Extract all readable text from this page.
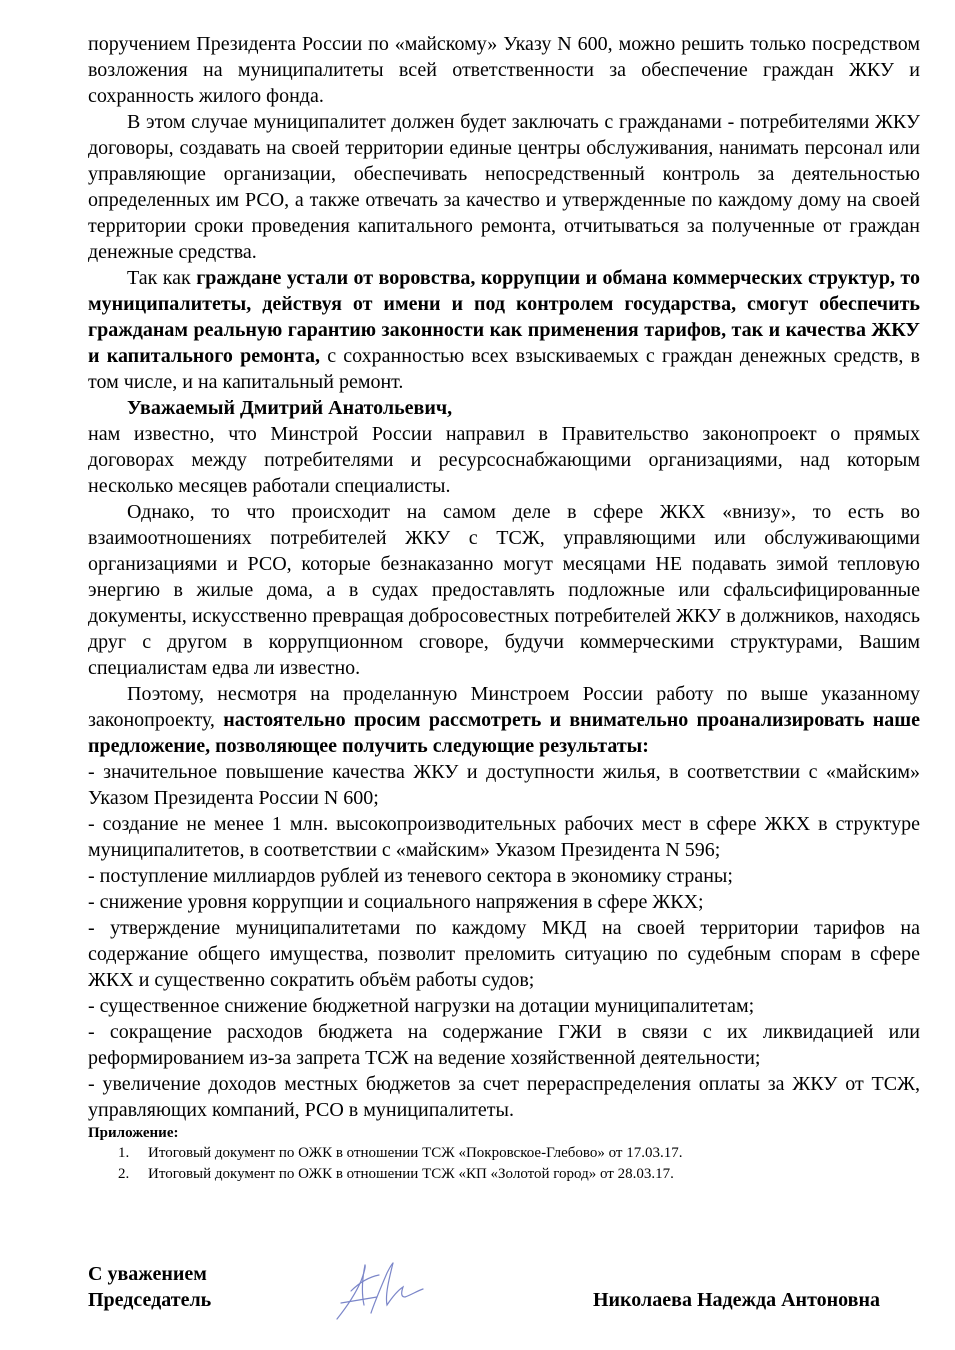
поручением Президента России по «майскому» Указу N 600, можно решить только посредством возложения на муниципалитеты всей ответственности за обеспечение граждан ЖКУ и сохранность жилого фонда.

В этом случае муниципалитет должен будет заключать с гражданами - потребителями ЖКУ договоры, создавать на своей территории единые центры обслуживания, нанимать персонал или управляющие организации, обеспечивать непосредственный контроль за деятельностью определенных им РСО, а также отвечать за качество и утвержденные по каждому дому на своей территории сроки проведения капитального ремонта, отчитываться за полученные от граждан денежные средства.

Так как граждане устали от воровства, коррупции и обмана коммерческих структур, то муниципалитеты, действуя от имени и под контролем государства, смогут обеспечить гражданам реальную гарантию законности как применения тарифов, так и качества ЖКУ и капитального ремонта, с сохранностью всех взыскиваемых с граждан денежных средств, в том числе, и на капитальный ремонт.

Уважаемый Дмитрий Анатольевич,

нам известно, что Минстрой России направил в Правительство законопроект о прямых договорах между потребителями и ресурсоснабжающими организациями, над которым несколько месяцев работали специалисты.

Однако, то что происходит на самом деле в сфере ЖКХ «внизу», то есть во взаимоотношениях потребителей ЖКУ с ТСЖ, управляющими или обслуживающими организациями и РСО, которые безнаказанно могут месяцами НЕ подавать зимой тепловую энергию в жилые дома, а в судах предоставлять подложные или сфальсифицированные документы, искусственно превращая добросовестных потребителей ЖКУ в должников, находясь друг с другом в коррупционном сговоре, будучи коммерческими структурами, Вашим специалистам едва ли известно.

Поэтому, несмотря на проделанную Минстроем России работу по выше указанному законопроекту, настоятельно просим рассмотреть и внимательно проанализировать наше предложение, позволяющее получить следующие результаты:

- значительное повышение качества ЖКУ и доступности жилья, в соответствии с «майским» Указом Президента России N 600;

- создание не менее 1 млн. высокопроизводительных рабочих мест в сфере ЖКХ в структуре муниципалитетов, в соответствии с «майским» Указом Президента N 596;

- поступление миллиардов рублей из теневого сектора в экономику страны;

- снижение уровня коррупции и социального напряжения в сфере ЖКХ;

- утверждение муниципалитетами по каждому МКД на своей территории тарифов на содержание общего имущества, позволит преломить ситуацию по судебным спорам в сфере ЖКХ и существенно сократить объём работы судов;

- существенное снижение бюджетной нагрузки на дотации муниципалитетам;

- сокращение расходов бюджета на содержание ГЖИ в связи с их ликвидацией или реформированием из-за запрета ТСЖ на ведение хозяйственной деятельности;

- увеличение доходов местных бюджетов за счет перераспределения оплаты за ЖКУ от ТСЖ, управляющих компаний, РСО в муниципалитеты.

Приложение:

1.	Итоговый документ по ОЖК в отношении ТСЖ «Покровское-Глебово» от 17.03.17.
2.	Итоговый документ по ОЖК в отношении ТСЖ «КП «Золотой город» от 28.03.17.
С уважением
Председатель	Николаева Надежда Антоновна
